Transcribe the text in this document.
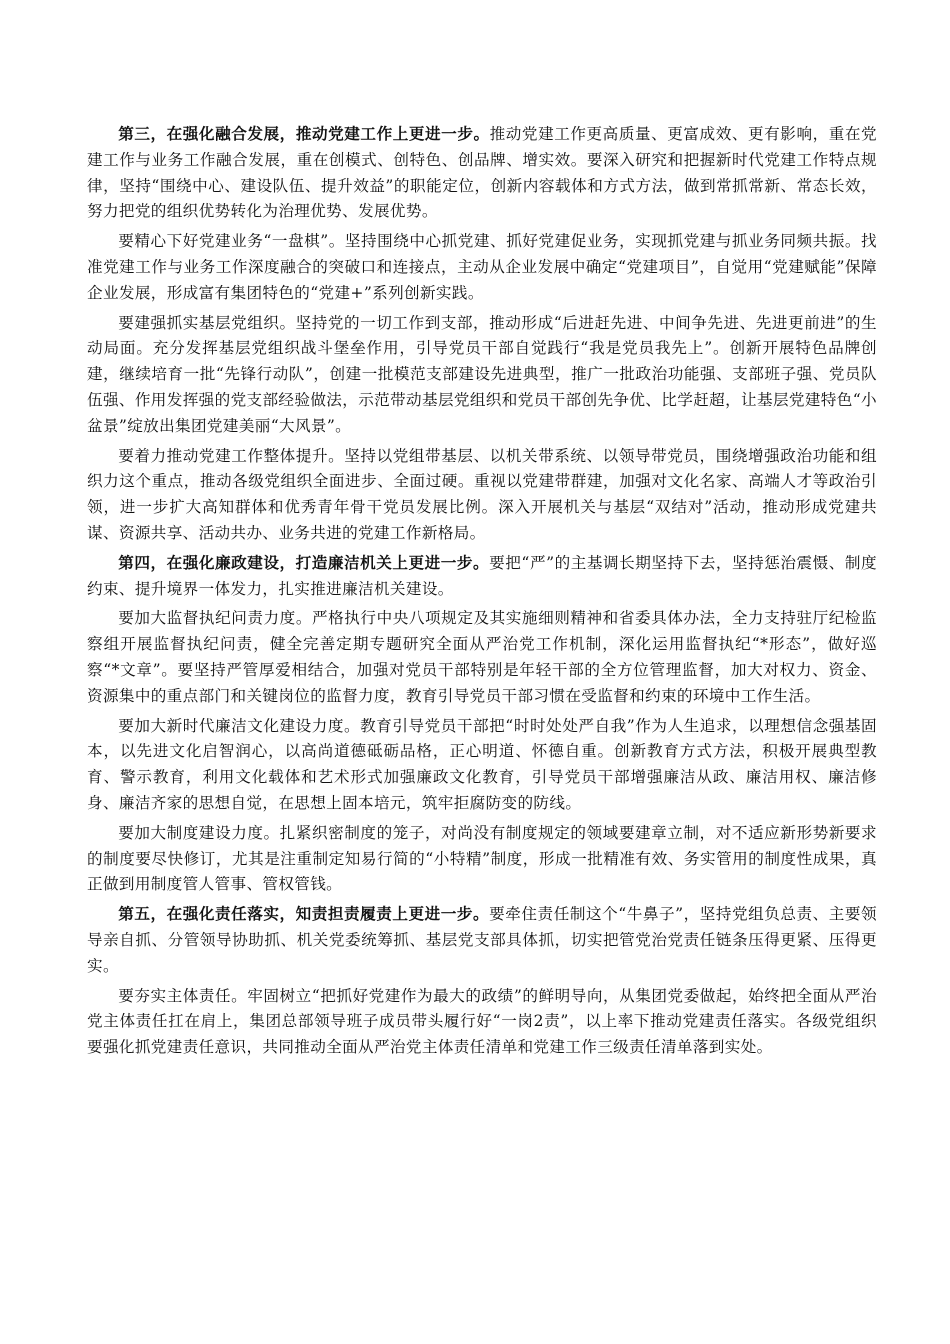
第三，在强化融合发展，推动党建工作上更进一步。推动党建工作更高质量、更富成效、更有影响，重在党建工作与业务工作融合发展，重在创模式、创特色、创品牌、增实效。要深入研究和把握新时代党建工作特点规律，坚持“围绕中心、建设队伍、提升效益”的职能定位，创新内容载体和方式方法，做到常抓常新、常态长效，努力把党的组织优势转化为治理优势、发展优势。

要精心下好党建业务“一盘棋”。坚持围绕中心抓党建、抓好党建促业务，实现抓党建与抓业务同频共振。找准党建工作与业务工作深度融合的突破口和连接点，主动从企业发展中确定“党建项目”，自觉用“党建赋能”保障企业发展，形成富有集团特色的“党建+”系列创新实践。

要建强抓实基层党组织。坚持党的一切工作到支部，推动形成“后进赶先进、中间争先进、先进更前进”的生动局面。充分发挥基层党组织战斗堡垒作用，引导党员干部自觉践行“我是党员我先上”。创新开展特色品牌创建，继续培育一批“先锋行动队”，创建一批模范支部建设先进典型，推广一批政治功能强、支部班子强、党员队伍强、作用发挥强的党支部经验做法，示范带动基层党组织和党员干部创先争优、比学赶超，让基层党建特色“小盆景”绽放出集团党建美丽“大风景”。

要着力推动党建工作整体提升。坚持以党组带基层、以机关带系统、以领导带党员，围绕增强政治功能和组织力这个重点，推动各级党组织全面进步、全面过硬。重视以党建带群建，加强对文化名家、高端人才等政治引领，进一步扩大高知群体和优秀青年骨干党员发展比例。深入开展机关与基层“双结对”活动，推动形成党建共谋、资源共享、活动共办、业务共进的党建工作新格局。

第四，在强化廉政建设，打造廉洁机关上更进一步。要把“严”的主基调长期坚持下去，坚持惩治震慑、制度约束、提升境界一体发力，扎实推进廉洁机关建设。

要加大监督执纪问责力度。严格执行中央八项规定及其实施细则精神和省委具体办法，全力支持驻厅纪检监察组开展监督执纪问责，健全完善定期专题研究全面从严治党工作机制，深化运用监督执纪“*形态”，做好巡察“*文章”。要坚持严管厚爱相结合，加强对党员干部特别是年轻干部的全方位管理监督，加大对权力、资金、资源集中的重点部门和关键岗位的监督力度，教育引导党员干部习惯在受监督和约束的环境中工作生活。

要加大新时代廉洁文化建设力度。教育引导党员干部把“时时处处严自我”作为人生追求，以理想信念强基固本，以先进文化启智润心，以高尚道德砥砺品格，正心明道、怀德自重。创新教育方式方法，积极开展典型教育、警示教育，利用文化载体和艺术形式加强廉政文化教育，引导党员干部增强廉洁从政、廉洁用权、廉洁修身、廉洁齐家的思想自觉，在思想上固本培元，筑牢拒腐防变的防线。

要加大制度建设力度。扎紧织密制度的笼子，对尚没有制度规定的领域要建章立制，对不适应新形势新要求的制度要尽快修订，尤其是注重制定知易行简的“小特精”制度，形成一批精准有效、务实管用的制度性成果，真正做到用制度管人管事、管权管钱。

第五，在强化责任落实，知责担责履责上更进一步。要牵住责任制这个“牛鼻子”，坚持党组负总责、主要领导亲自抓、分管领导协助抓、机关党委统筹抓、基层党支部具体抓，切实把管党治党责任链条压得更紧、压得更实。

要夯实主体责任。牢固树立“把抓好党建作为最大的政绩”的鲜明导向，从集团党委做起，始终把全面从严治党主体责任扛在肩上，集团总部领导班子成员带头履行好“一岗2责”，以上率下推动党建责任落实。各级党组织要强化抓党建责任意识，共同推动全面从严治党主体责任清单和党建工作三级责任清单落到实处。
